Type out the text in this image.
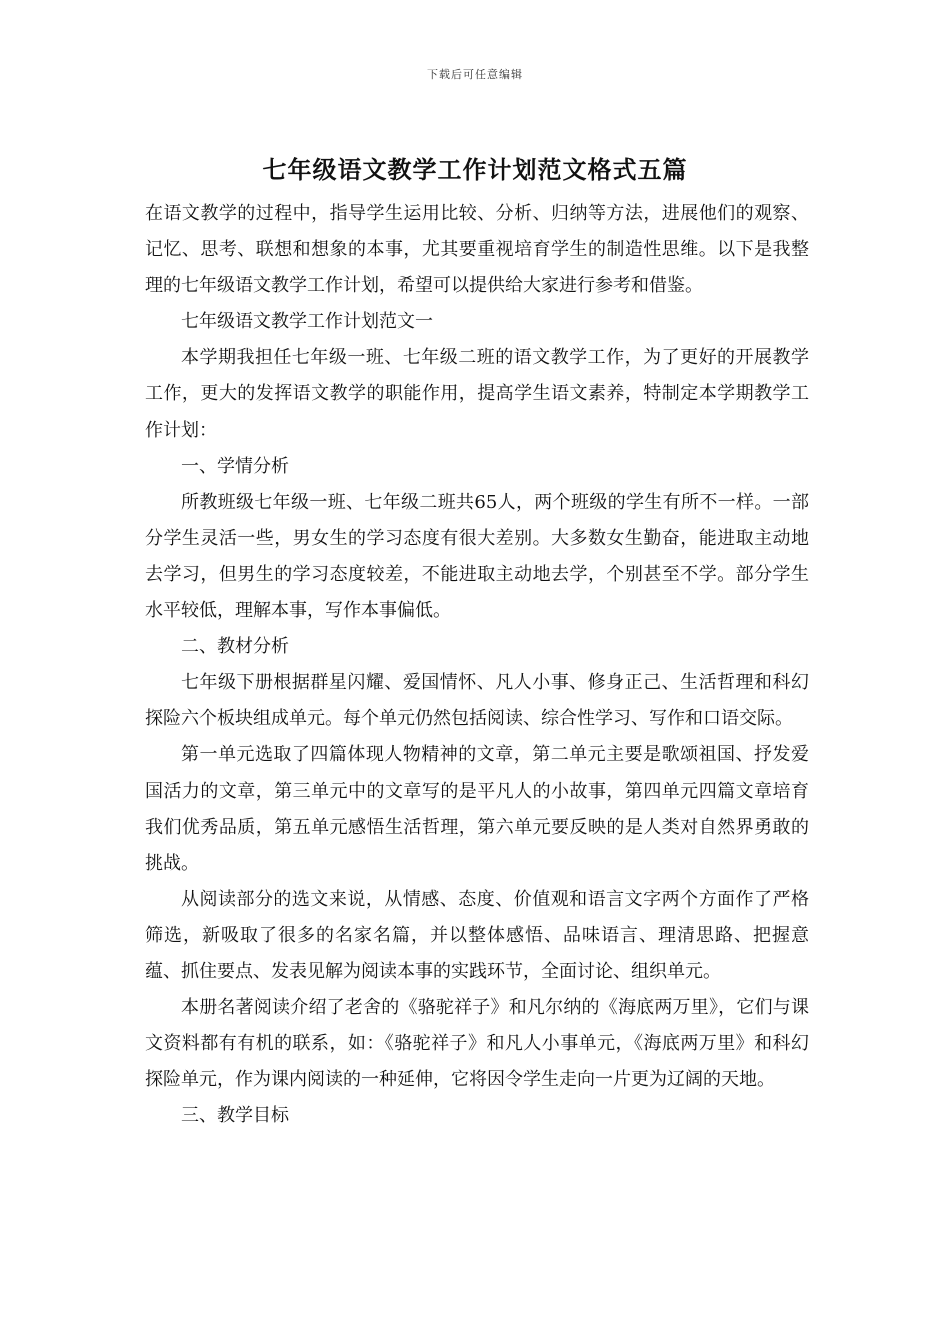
下载后可任意编辑
七年级语文教学工作计划范文格式五篇

在语文教学的过程中，指导学生运用比较、分析、归纳等方法，进展他们的观察、记忆、思考、联想和想象的本事，尤其要重视培育学生的制造性思维。以下是我整理的七年级语文教学工作计划，希望可以提供给大家进行参考和借鉴。

七年级语文教学工作计划范文一

本学期我担任七年级一班、七年级二班的语文教学工作，为了更好的开展教学工作，更大的发挥语文教学的职能作用，提高学生语文素养，特制定本学期教学工作计划：

一、学情分析

所教班级七年级一班、七年级二班共65人，两个班级的学生有所不一样。一部分学生灵活一些，男女生的学习态度有很大差别。大多数女生勤奋，能进取主动地去学习，但男生的学习态度较差，不能进取主动地去学，个别甚至不学。部分学生水平较低，理解本事，写作本事偏低。

二、教材分析

七年级下册根据群星闪耀、爱国情怀、凡人小事、修身正己、生活哲理和科幻探险六个板块组成单元。每个单元仍然包括阅读、综合性学习、写作和口语交际。

第一单元选取了四篇体现人物精神的文章，第二单元主要是歌颂祖国、抒发爱国活力的文章，第三单元中的文章写的是平凡人的小故事，第四单元四篇文章培育我们优秀品质，第五单元感悟生活哲理，第六单元要反映的是人类对自然界勇敢的挑战。

从阅读部分的选文来说，从情感、态度、价值观和语言文字两个方面作了严格筛选，新吸取了很多的名家名篇，并以整体感悟、品味语言、理清思路、把握意蕴、抓住要点、发表见解为阅读本事的实践环节，全面讨论、组织单元。

本册名著阅读介绍了老舍的《骆驼祥子》和凡尔纳的《海底两万里》，它们与课文资料都有有机的联系，如：《骆驼祥子》和凡人小事单元，《海底两万里》和科幻探险单元，作为课内阅读的一种延伸，它将因令学生走向一片更为辽阔的天地。

三、教学目标
